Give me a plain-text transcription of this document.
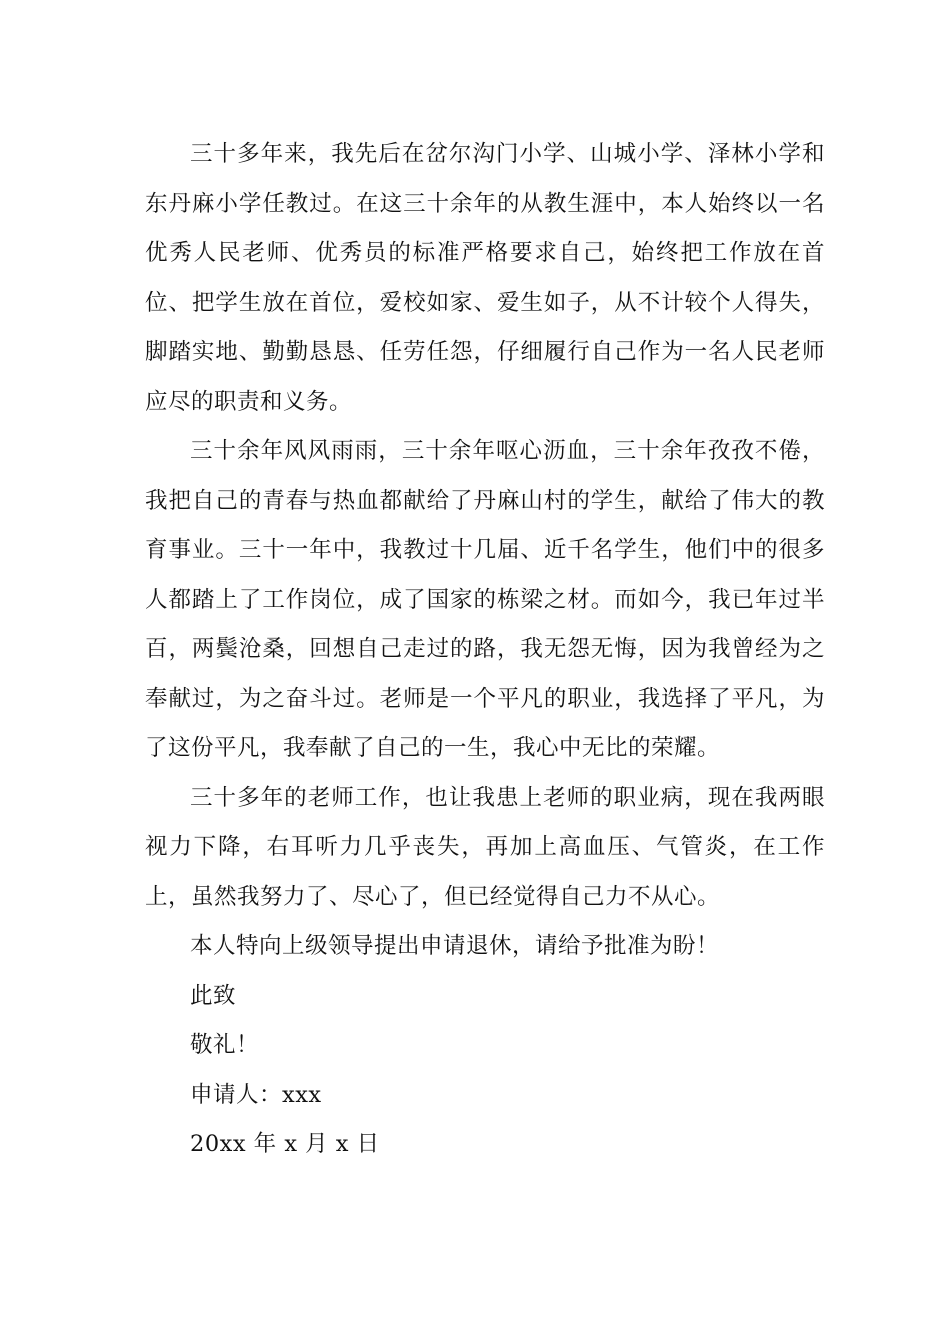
三十多年来，我先后在岔尔沟门小学、山城小学、泽林小学和东丹麻小学任教过。在这三十余年的从教生涯中，本人始终以一名优秀人民老师、优秀员的标准严格要求自己，始终把工作放在首位、把学生放在首位，爱校如家、爱生如子，从不计较个人得失，脚踏实地、勤勤恳恳、任劳任怨，仔细履行自己作为一名人民老师应尽的职责和义务。

三十余年风风雨雨，三十余年呕心沥血，三十余年孜孜不倦，我把自己的青春与热血都献给了丹麻山村的学生，献给了伟大的教育事业。三十一年中，我教过十几届、近千名学生，他们中的很多人都踏上了工作岗位，成了国家的栋梁之材。而如今，我已年过半百，两鬓沧桑，回想自己走过的路，我无怨无悔，因为我曾经为之奉献过，为之奋斗过。老师是一个平凡的职业，我选择了平凡，为了这份平凡，我奉献了自己的一生，我心中无比的荣耀。

三十多年的老师工作，也让我患上老师的职业病，现在我两眼视力下降，右耳听力几乎丧失，再加上高血压、气管炎，在工作上，虽然我努力了、尽心了，但已经觉得自己力不从心。

本人特向上级领导提出申请退休，请给予批准为盼！

此致

敬礼！

申请人：xxx

20xx 年 x 月 x 日
